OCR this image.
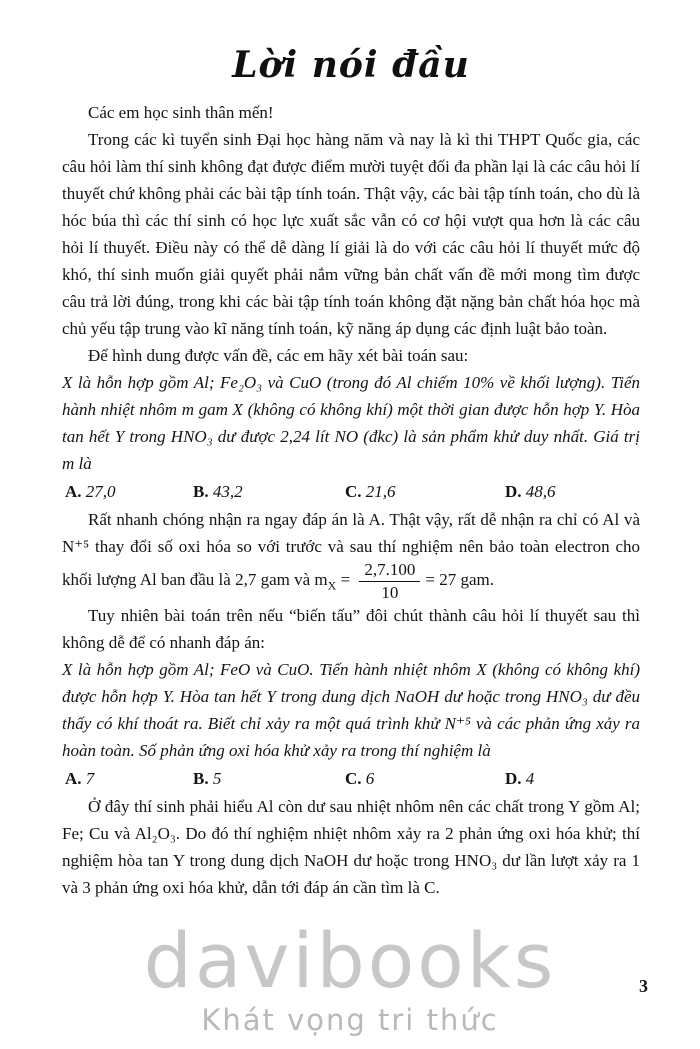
davibooks
Khát vọng tri thức
Lời nói đầu

Các em học sinh thân mến!

Trong các kì tuyển sinh Đại học hàng năm và nay là kì thi THPT Quốc gia, các câu hỏi làm thí sinh không đạt được điểm mười tuyệt đối đa phần lại là các câu hỏi lí thuyết chứ không phải các bài tập tính toán. Thật vậy, các bài tập tính toán, cho dù là hóc búa thì các thí sinh có học lực xuất sắc vẫn có cơ hội vượt qua hơn là các câu hỏi lí thuyết. Điều này có thể dễ dàng lí giải là do với các câu hỏi lí thuyết mức độ khó, thí sinh muốn giải quyết phải nắm vững bản chất vấn đề mới mong tìm được câu trả lời đúng, trong khi các bài tập tính toán không đặt nặng bản chất hóa học mà chủ yếu tập trung vào kĩ năng tính toán, kỹ năng áp dụng các định luật bảo toàn.

Để hình dung được vấn đề, các em hãy xét bài toán sau:

X là hỗn hợp gồm Al; Fe₂O₃ và CuO (trong đó Al chiếm 10% về khối lượng). Tiến hành nhiệt nhôm m gam X (không có không khí) một thời gian được hỗn hợp Y. Hòa tan hết Y trong HNO₃ dư được 2,24 lít NO (đkc) là sản phẩm khử duy nhất. Giá trị m là

A. 27,0	B. 43,2	C. 21,6	D. 48,6

Rất nhanh chóng nhận ra ngay đáp án là A. Thật vậy, rất dễ nhận ra chỉ có Al và N⁺⁵ thay đổi số oxi hóa so với trước và sau thí nghiệm nên bảo toàn electron cho khối lượng Al ban đầu là 2,7 gam và $m_X = \frac{2,7.100}{10} = 27$ gam.

Tuy nhiên bài toán trên nếu “biến tấu” đôi chút thành câu hỏi lí thuyết sau thì không dễ để có nhanh đáp án:

X là hỗn hợp gồm Al; FeO và CuO. Tiến hành nhiệt nhôm X (không có không khí) được hỗn hợp Y. Hòa tan hết Y trong dung dịch NaOH dư hoặc trong HNO₃ dư đều thấy có khí thoát ra. Biết chỉ xảy ra một quá trình khử N⁺⁵ và các phản ứng xảy ra hoàn toàn. Số phản ứng oxi hóa khử xảy ra trong thí nghiệm là

A. 7	B. 5	C. 6	D. 4

Ở đây thí sinh phải hiểu Al còn dư sau nhiệt nhôm nên các chất trong Y gồm Al; Fe; Cu và Al₂O₃. Do đó thí nghiệm nhiệt nhôm xảy ra 2 phản ứng oxi hóa khử; thí nghiệm hòa tan Y trong dung dịch NaOH dư hoặc trong HNO₃ dư lần lượt xảy ra 1 và 3 phản ứng oxi hóa khử, dẫn tới đáp án cần tìm là C.

3
